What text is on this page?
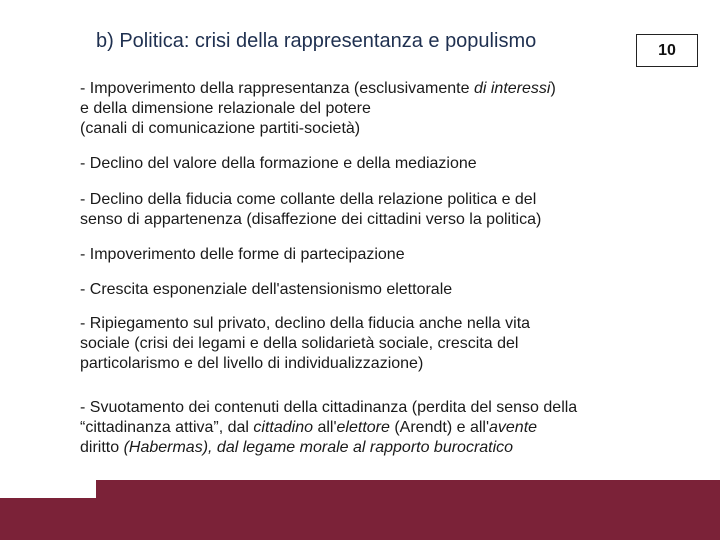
b) Politica: crisi della rappresentanza e populismo	10

- Impoverimento della rappresentanza (esclusivamente di interessi)
e della dimensione relazionale del potere
(canali di comunicazione partiti-società)

- Declino del valore della formazione e della mediazione

- Declino della fiducia come collante della relazione politica e del
senso di appartenenza (disaffezione dei cittadini verso la politica)

- Impoverimento delle forme di partecipazione

- Crescita esponenziale dell'astensionismo elettorale

- Ripiegamento sul privato, declino della fiducia anche nella vita
sociale (crisi dei legami e della solidarietà sociale, crescita del
particolarismo e del livello di individualizzazione)

- Svuotamento dei contenuti della cittadinanza (perdita del senso della
“cittadinanza attiva”, dal cittadino all'elettore (Arendt) e all'avente
diritto (Habermas), dal legame morale al rapporto burocratico
